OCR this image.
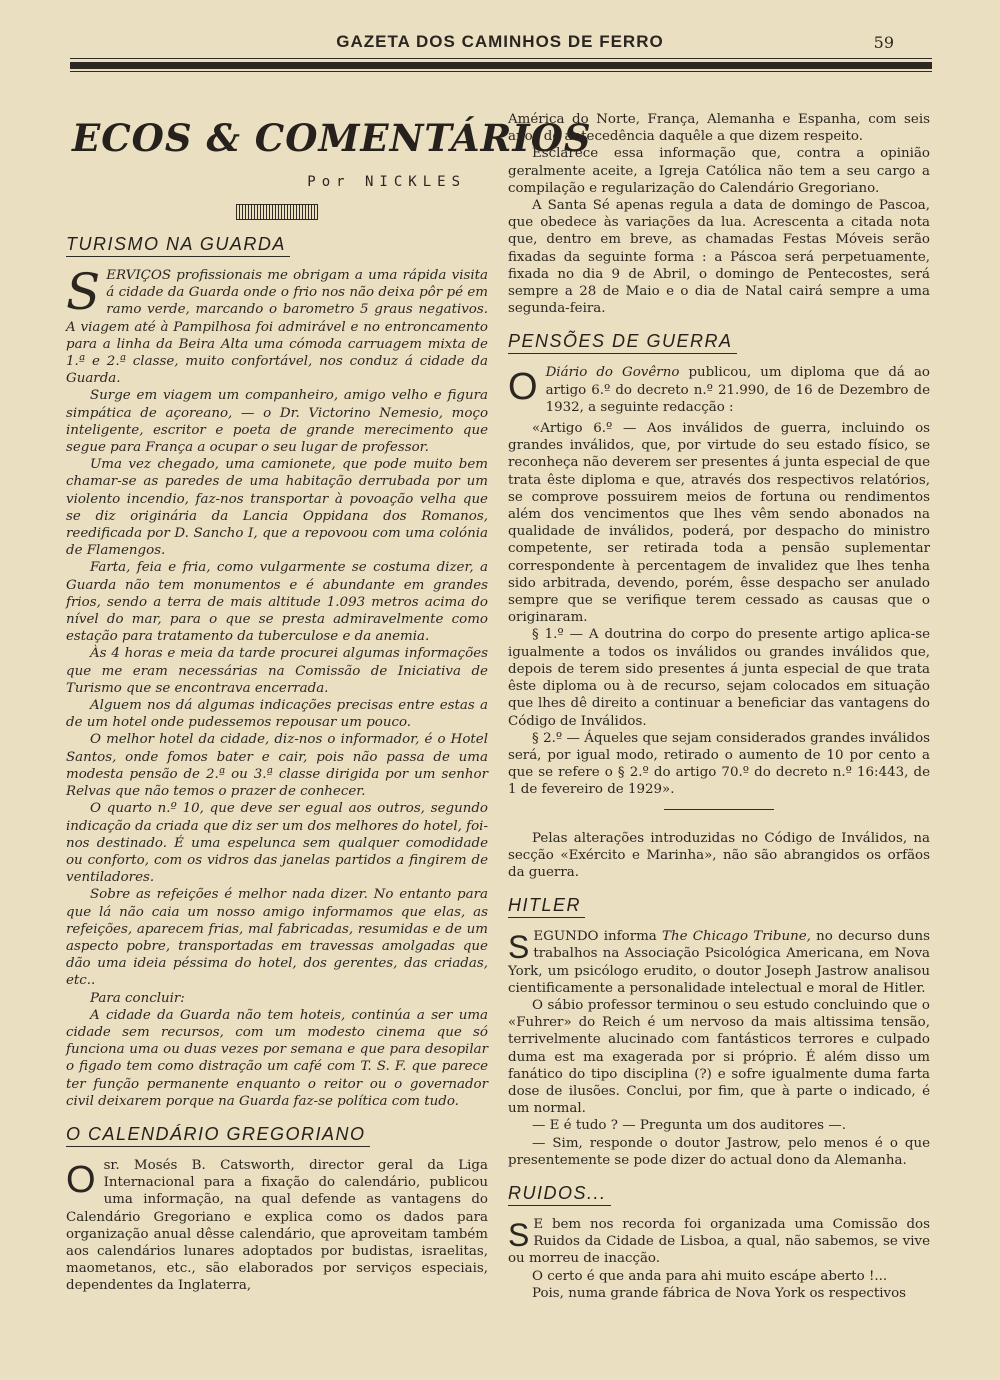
GAZETA DOS CAMINHOS DE FERRO	59
ECOS & COMENTÁRIOS
Por NICKLES
TURISMO NA GUARDA

SERVIÇOS profissionais me obrigam a uma rápida visita á cidade da Guarda onde o frio nos não deixa pôr pé em ramo verde, marcando o barometro 5 graus negativos. A viagem até à Pampilhosa foi admirável e no entroncamento para a linha da Beira Alta uma cómoda carruagem mixta de 1.ª e 2.ª classe, muito confortável, nos conduz á cidade da Guarda.

Surge em viagem um companheiro, amigo velho e figura simpática de açoreano, — o Dr. Victorino Nemesio, moço inteligente, escritor e poeta de grande merecimento que segue para França a ocupar o seu lugar de professor.

Uma vez chegado, uma camionete, que pode muito bem chamar-se as paredes de uma habitação derrubada por um violento incendio, faz-nos transportar à povoação velha que se diz originária da Lancia Oppidana dos Romanos, reedificada por D. Sancho I, que a repovoou com uma colónia de Flamengos.

Farta, feia e fria, como vulgarmente se costuma dizer, a Guarda não tem monumentos e é abundante em grandes frios, sendo a terra de mais altitude 1.093 metros acima do nível do mar, para o que se presta admiravelmente como estação para tratamento da tuberculose e da anemia.

Às 4 horas e meia da tarde procurei algumas informações que me eram necessárias na Comissão de Iniciativa de Turismo que se encontrava encerrada.

Alguem nos dá algumas indicações precisas entre estas a de um hotel onde pudessemos repousar um pouco.

O melhor hotel da cidade, diz-nos o informador, é o Hotel Santos, onde fomos bater e cair, pois não passa de uma modesta pensão de 2.ª ou 3.ª classe dirigida por um senhor Relvas que não temos o prazer de conhecer.

O quarto n.º 10, que deve ser egual aos outros, segundo indicação da criada que diz ser um dos melhores do hotel, foi-nos destinado. É uma espelunca sem qualquer comodidade ou conforto, com os vidros das janelas partidos a fingirem de ventiladores.

Sobre as refeições é melhor nada dizer. No entanto para que lá não caia um nosso amigo informamos que elas, as refeições, aparecem frias, mal fabricadas, resumidas e de um aspecto pobre, transportadas em travessas amolgadas que dão uma ideia péssima do hotel, dos gerentes, das criadas, etc..

Para concluir:

A cidade da Guarda não tem hoteis, continúa a ser uma cidade sem recursos, com um modesto cinema que só funciona uma ou duas vezes por semana e que para desopilar o figado tem como distração um café com T. S. F. que parece ter função permanente enquanto o reitor ou o governador civil deixarem porque na Guarda faz-se política com tudo.

O CALENDÁRIO GREGORIANO

Osr. Mosés B. Catsworth, director geral da Liga Internacional para a fixação do calendário, publicou uma informação, na qual defende as vantagens do Calendário Gregoriano e explica como os dados para organização anual dêsse calendário, que aproveitam também aos calendários lunares adoptados por budistas, israelitas, maometanos, etc., são elaborados por serviços especiais, dependentes da Inglaterra,

América do Norte, França, Alemanha e Espanha, com seis anos de antecedência daquêle a que dizem respeito.

Esclarece essa informação que, contra a opinião geralmente aceite, a Igreja Católica não tem a seu cargo a compilação e regularização do Calendário Gregoriano.

A Santa Sé apenas regula a data de domingo de Pascoa, que obedece às variações da lua. Acrescenta a citada nota que, dentro em breve, as chamadas Festas Móveis serão fixadas da seguinte forma : a Páscoa será perpetuamente, fixada no dia 9 de Abril, o domingo de Pentecostes, será sempre a 28 de Maio e o dia de Natal cairá sempre a uma segunda-feira.

PENSÕES DE GUERRA

O Diário do Govêrno publicou, um diploma que dá ao artigo 6.º do decreto n.º 21.990, de 16 de Dezembro de 1932, a seguinte redacção :

«Artigo 6.º — Aos inválidos de guerra, incluindo os grandes inválidos, que, por virtude do seu estado físico, se reconheça não deverem ser presentes á junta especial de que trata êste diploma e que, através dos respectivos relatórios, se comprove possuirem meios de fortuna ou rendimentos além dos vencimentos que lhes vêm sendo abonados na qualidade de inválidos, poderá, por despacho do ministro competente, ser retirada toda a pensão suplementar correspondente à percentagem de invalidez que lhes tenha sido arbitrada, devendo, porém, êsse despacho ser anulado sempre que se verifique terem cessado as causas que o originaram.

§ 1.º — A doutrina do corpo do presente artigo aplica-se igualmente a todos os inválidos ou grandes inválidos que, depois de terem sido presentes á junta especial de que trata êste diploma ou à de recurso, sejam colocados em situação que lhes dê direito a continuar a beneficiar das vantagens do Código de Inválidos.

§ 2.º — Áqueles que sejam considerados grandes inválidos será, por igual modo, retirado o aumento de 10 por cento a que se refere o § 2.º do artigo 70.º do decreto n.º 16:443, de 1 de fevereiro de 1929».

Pelas alterações introduzidas no Código de Inválidos, na secção «Exército e Marinha», não são abrangidos os orfãos da guerra.

HITLER

SEGUNDO informa The Chicago Tribune, no decurso duns trabalhos na Associação Psicológica Americana, em Nova York, um psicólogo erudito, o doutor Joseph Jastrow analisou cientificamente a personalidade intelectual e moral de Hitler.

O sábio professor terminou o seu estudo concluindo que o «Fuhrer» do Reich é um nervoso da mais altissima tensão, terrivelmente alucinado com fantásticos terrores e culpado duma est ma exagerada por si próprio. É além disso um fanático do tipo disciplina (?) e sofre igualmente duma farta dose de ilusões. Conclui, por fim, que à parte o indicado, é um normal.

— E é tudo ? — Pregunta um dos auditores —.

— Sim, responde o doutor Jastrow, pelo menos é o que presentemente se pode dizer do actual dono da Alemanha.

RUIDOS...

S E bem nos recorda foi organizada uma Comissão dos Ruidos da Cidade de Lisboa, a qual, não sabemos, se vive ou morreu de inacção.

O certo é que anda para ahi muito escápe aberto !...

Pois, numa grande fábrica de Nova York os respectivos
